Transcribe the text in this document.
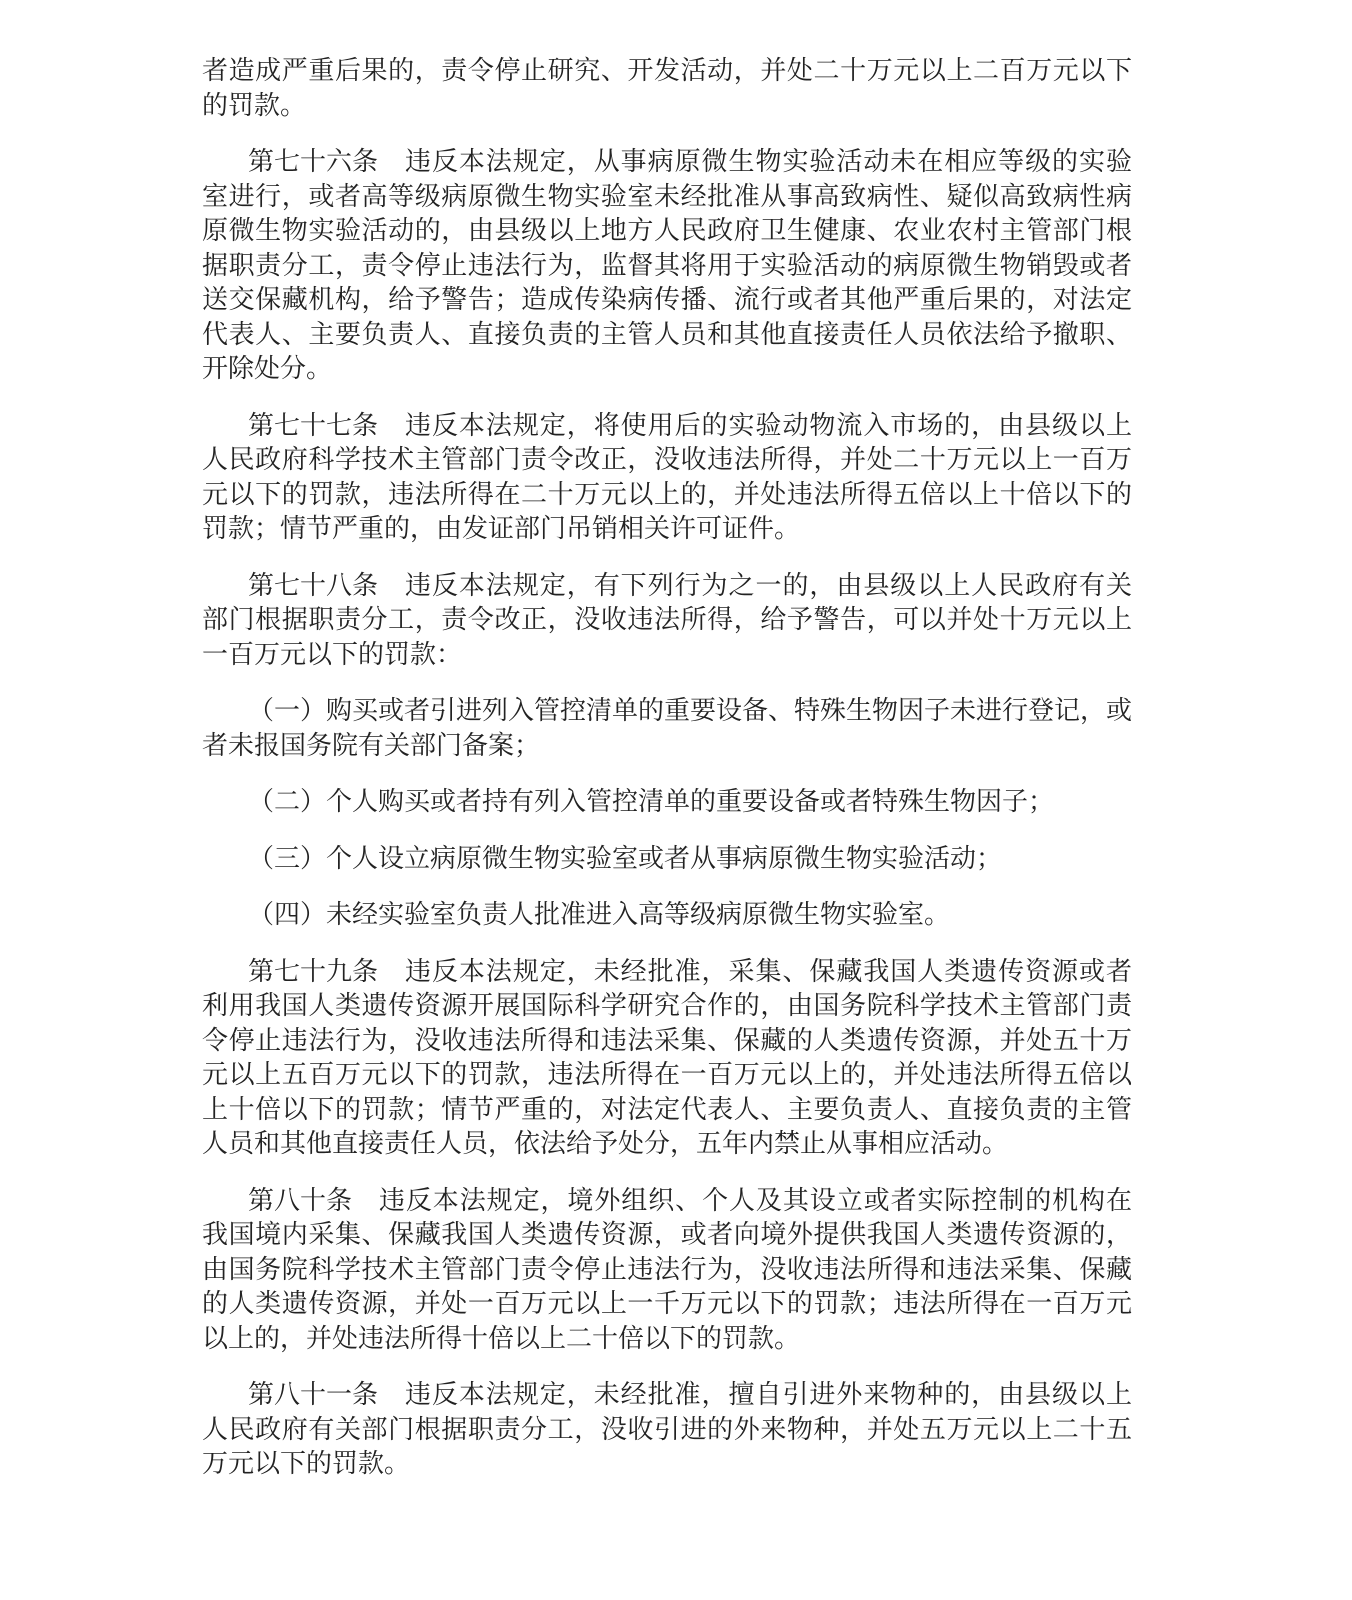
者造成严重后果的，责令停止研究、开发活动，并处二十万元以上二百万元以下的罚款。

第七十六条 违反本法规定，从事病原微生物实验活动未在相应等级的实验室进行，或者高等级病原微生物实验室未经批准从事高致病性、疑似高致病性病原微生物实验活动的，由县级以上地方人民政府卫生健康、农业农村主管部门根据职责分工，责令停止违法行为，监督其将用于实验活动的病原微生物销毁或者送交保藏机构，给予警告；造成传染病传播、流行或者其他严重后果的，对法定代表人、主要负责人、直接负责的主管人员和其他直接责任人员依法给予撤职、开除处分。

第七十七条 违反本法规定，将使用后的实验动物流入市场的，由县级以上人民政府科学技术主管部门责令改正，没收违法所得，并处二十万元以上一百万元以下的罚款，违法所得在二十万元以上的，并处违法所得五倍以上十倍以下的罚款；情节严重的，由发证部门吊销相关许可证件。

第七十八条 违反本法规定，有下列行为之一的，由县级以上人民政府有关部门根据职责分工，责令改正，没收违法所得，给予警告，可以并处十万元以上一百万元以下的罚款：

（一）购买或者引进列入管控清单的重要设备、特殊生物因子未进行登记，或者未报国务院有关部门备案；

（二）个人购买或者持有列入管控清单的重要设备或者特殊生物因子；

（三）个人设立病原微生物实验室或者从事病原微生物实验活动；

（四）未经实验室负责人批准进入高等级病原微生物实验室。

第七十九条 违反本法规定，未经批准，采集、保藏我国人类遗传资源或者利用我国人类遗传资源开展国际科学研究合作的，由国务院科学技术主管部门责令停止违法行为，没收违法所得和违法采集、保藏的人类遗传资源，并处五十万元以上五百万元以下的罚款，违法所得在一百万元以上的，并处违法所得五倍以上十倍以下的罚款；情节严重的，对法定代表人、主要负责人、直接负责的主管人员和其他直接责任人员，依法给予处分，五年内禁止从事相应活动。

第八十条 违反本法规定，境外组织、个人及其设立或者实际控制的机构在我国境内采集、保藏我国人类遗传资源，或者向境外提供我国人类遗传资源的，由国务院科学技术主管部门责令停止违法行为，没收违法所得和违法采集、保藏的人类遗传资源，并处一百万元以上一千万元以下的罚款；违法所得在一百万元以上的，并处违法所得十倍以上二十倍以下的罚款。

第八十一条 违反本法规定，未经批准，擅自引进外来物种的，由县级以上人民政府有关部门根据职责分工，没收引进的外来物种，并处五万元以上二十五万元以下的罚款。
